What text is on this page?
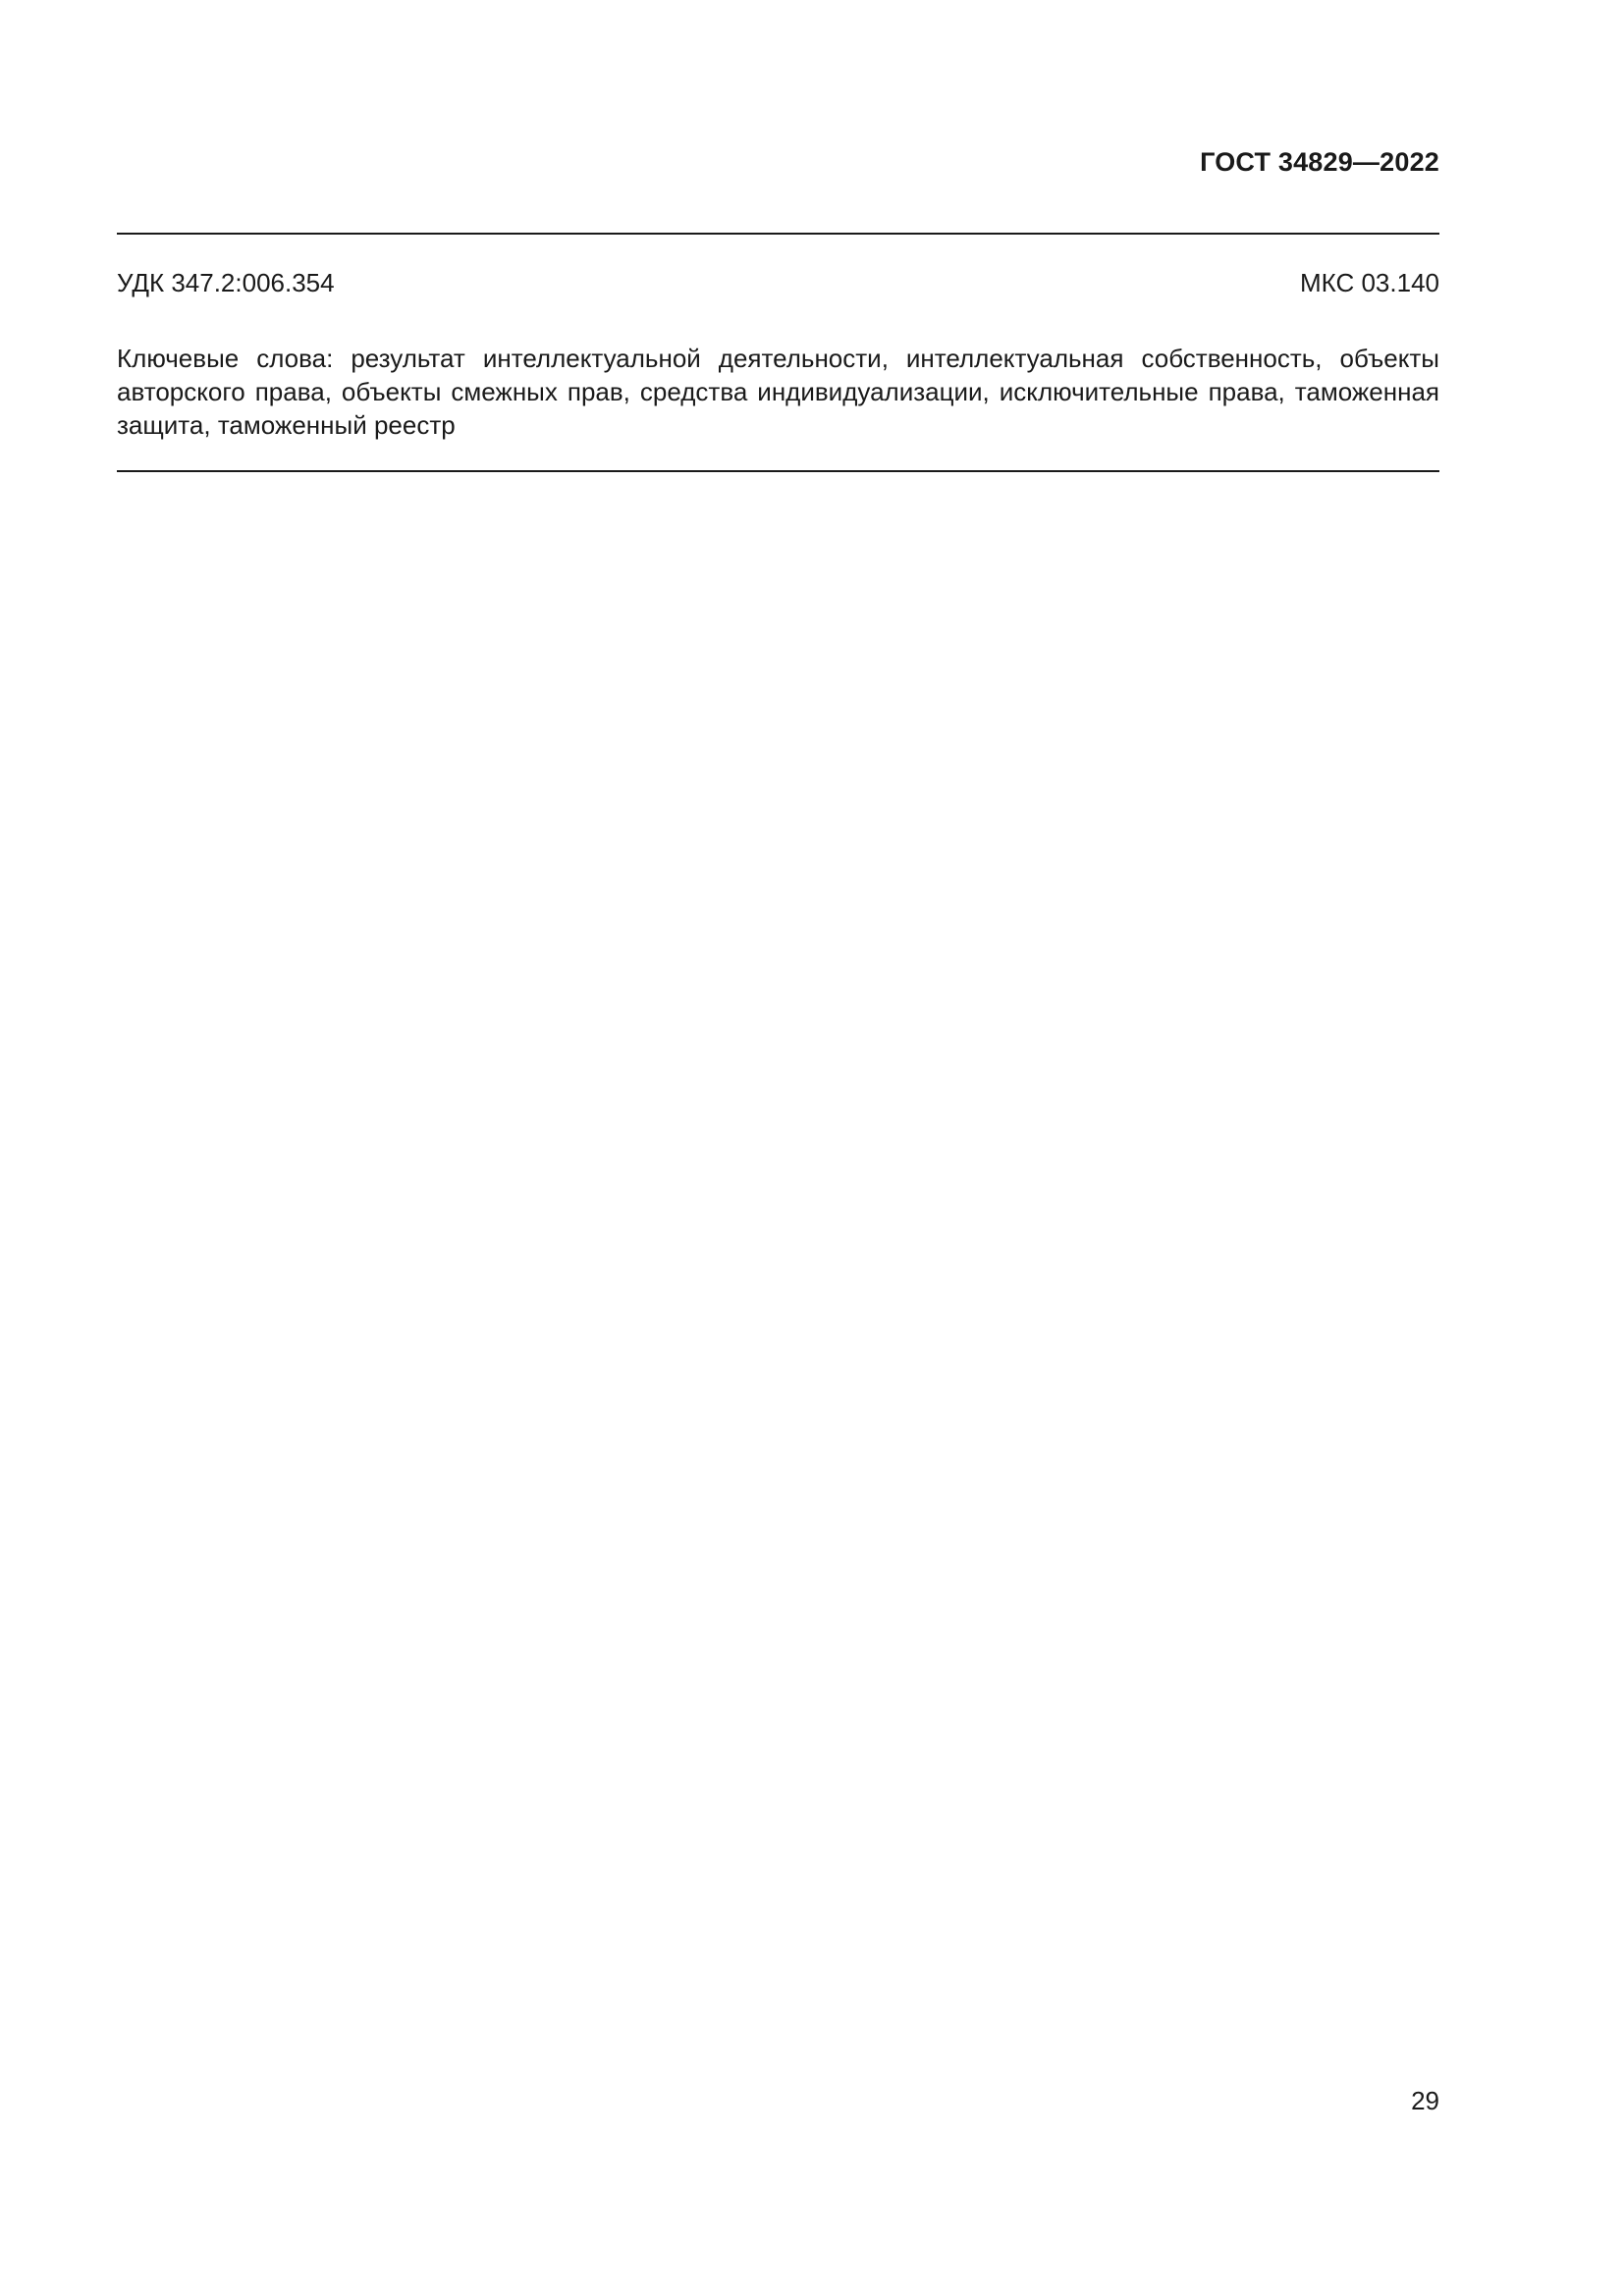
ГОСТ 34829—2022
УДК 347.2:006.354	МКС 03.140
Ключевые слова: результат интеллектуальной деятельности, интеллектуальная собственность, объекты авторского права, объекты смежных прав, средства индивидуализации, исключительные права, таможенная защита, таможенный реестр
29
